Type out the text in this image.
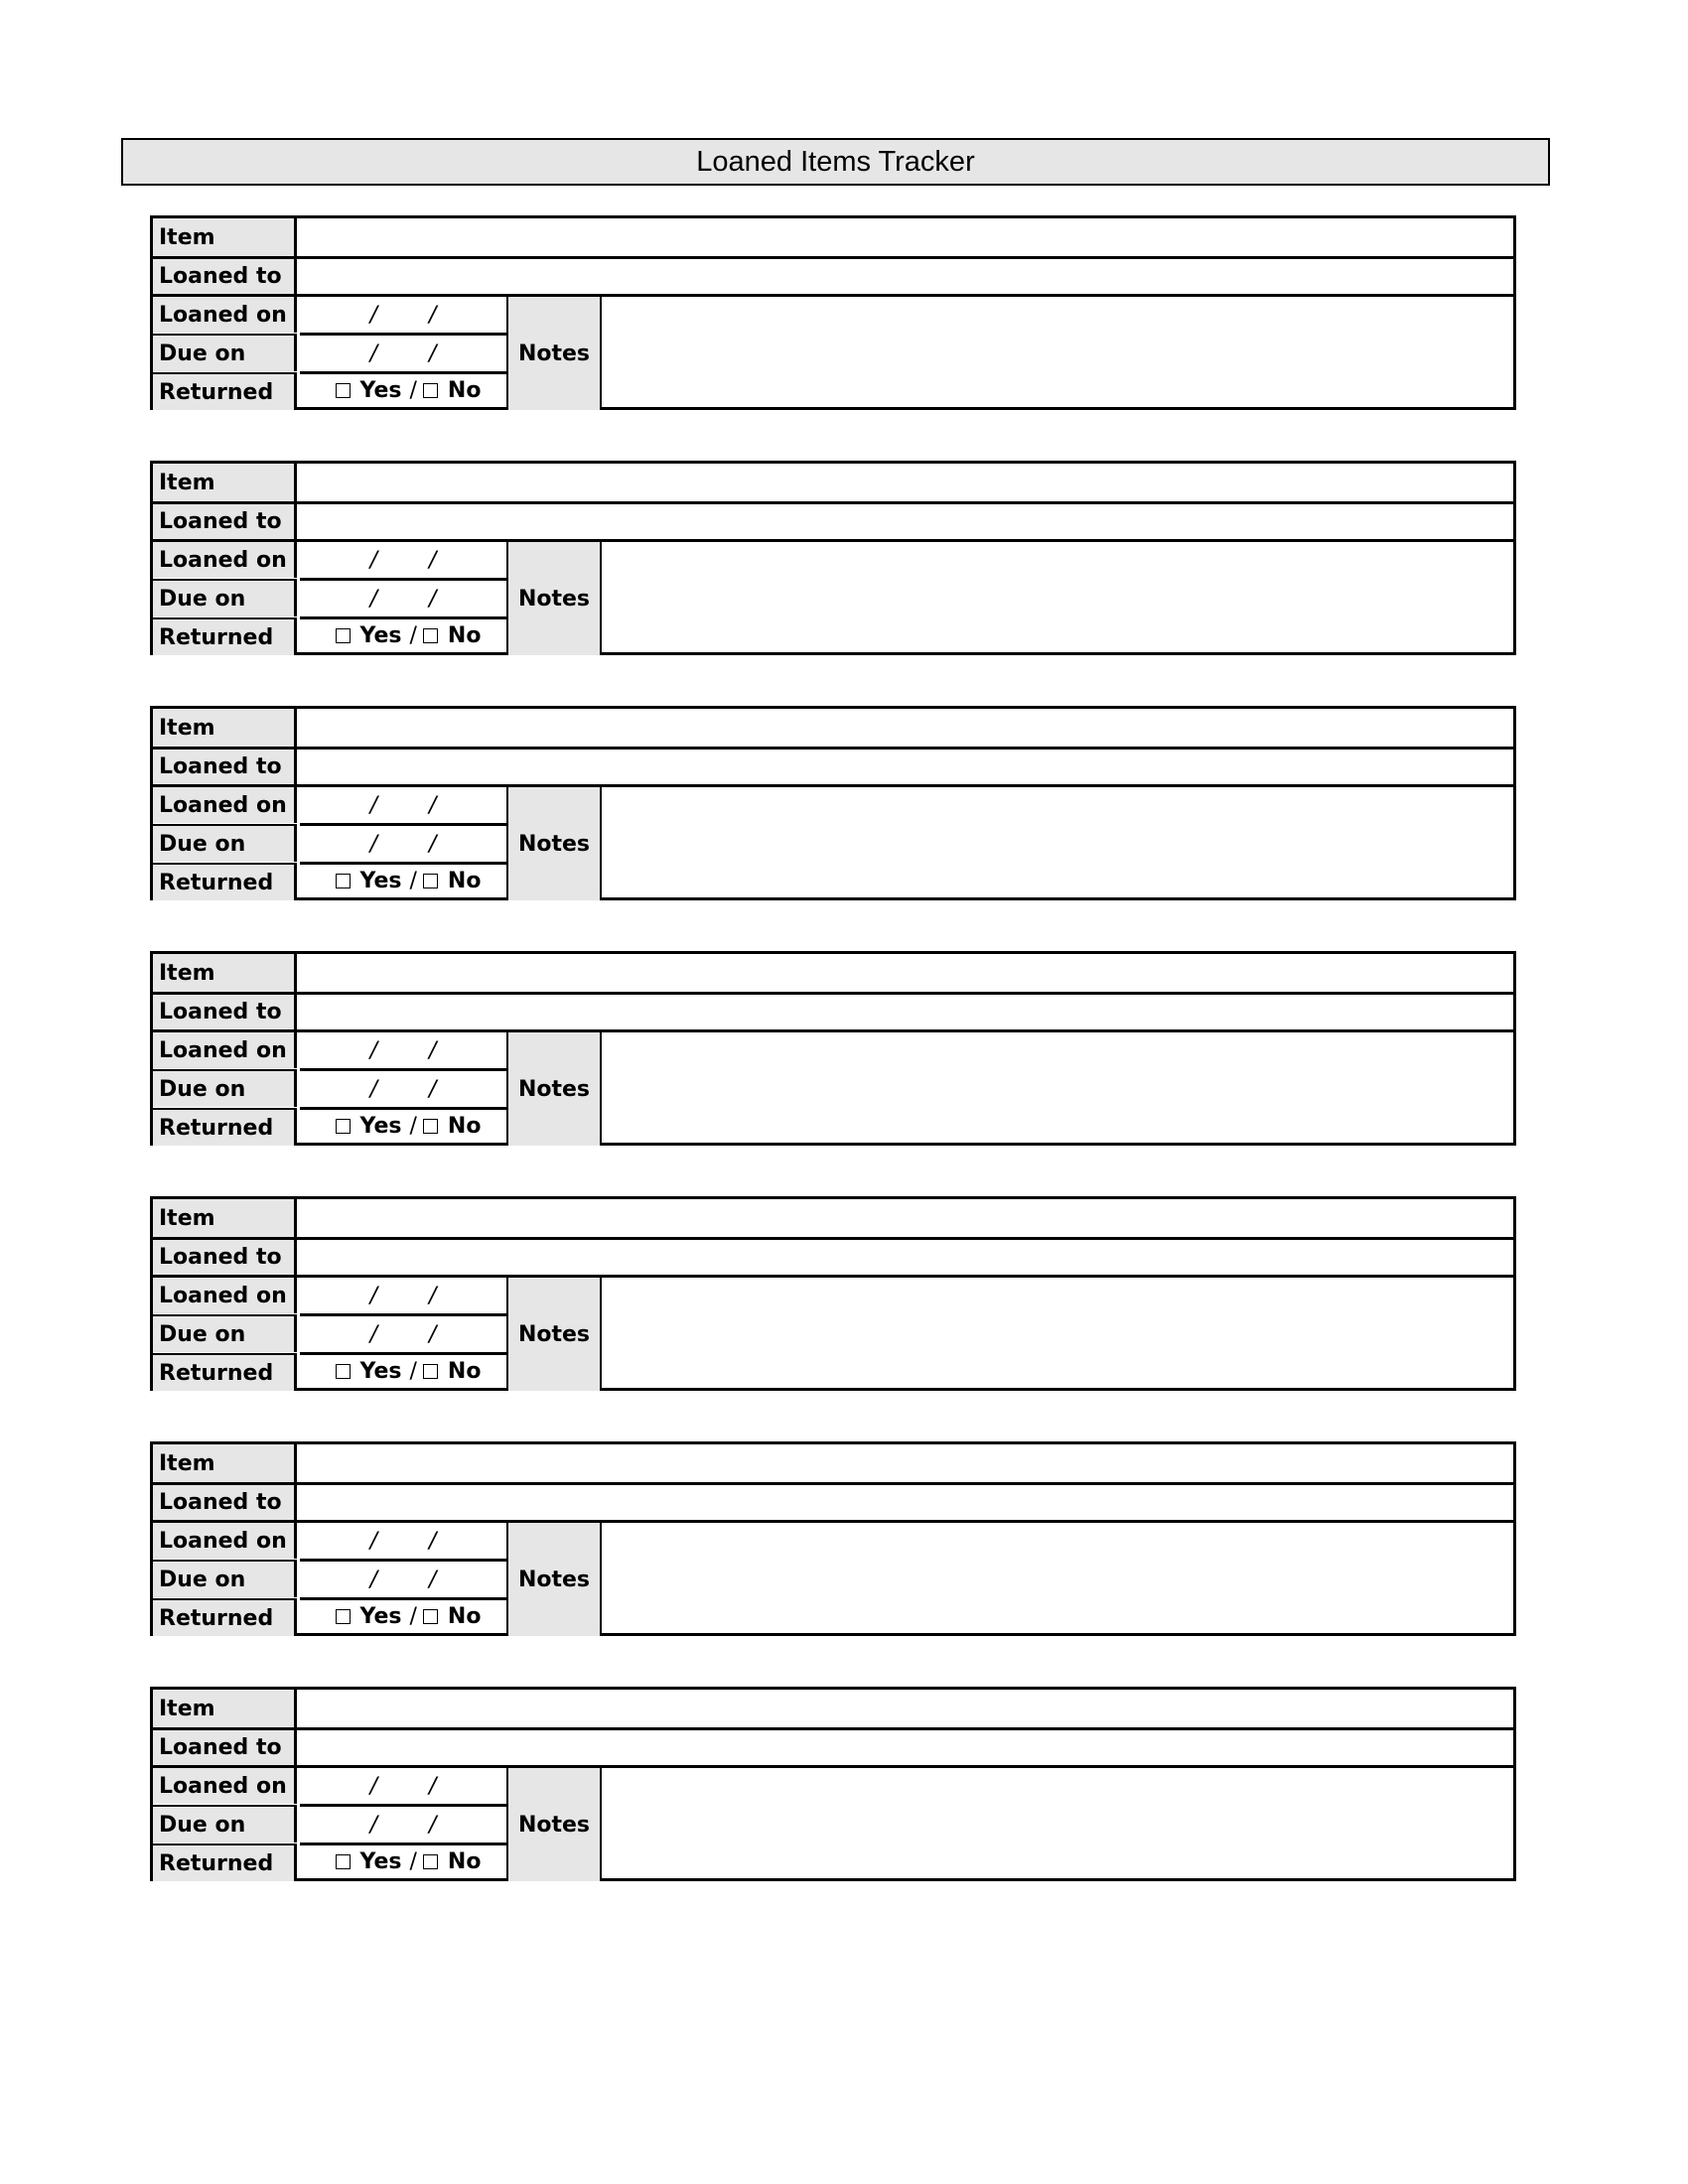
Loaned Items Tracker
Item
Loaned to
Loaned on	/ /
Due on	/ /
Returned	Yes / No
Notes
Item
Loaned to
Loaned on	/ /
Due on	/ /
Returned	Yes / No
Notes
Item
Loaned to
Loaned on	/ /
Due on	/ /
Returned	Yes / No
Notes
Item
Loaned to
Loaned on	/ /
Due on	/ /
Returned	Yes / No
Notes
Item
Loaned to
Loaned on	/ /
Due on	/ /
Returned	Yes / No
Notes
Item
Loaned to
Loaned on	/ /
Due on	/ /
Returned	Yes / No
Notes
Item
Loaned to
Loaned on	/ /
Due on	/ /
Returned	Yes / No
Notes
